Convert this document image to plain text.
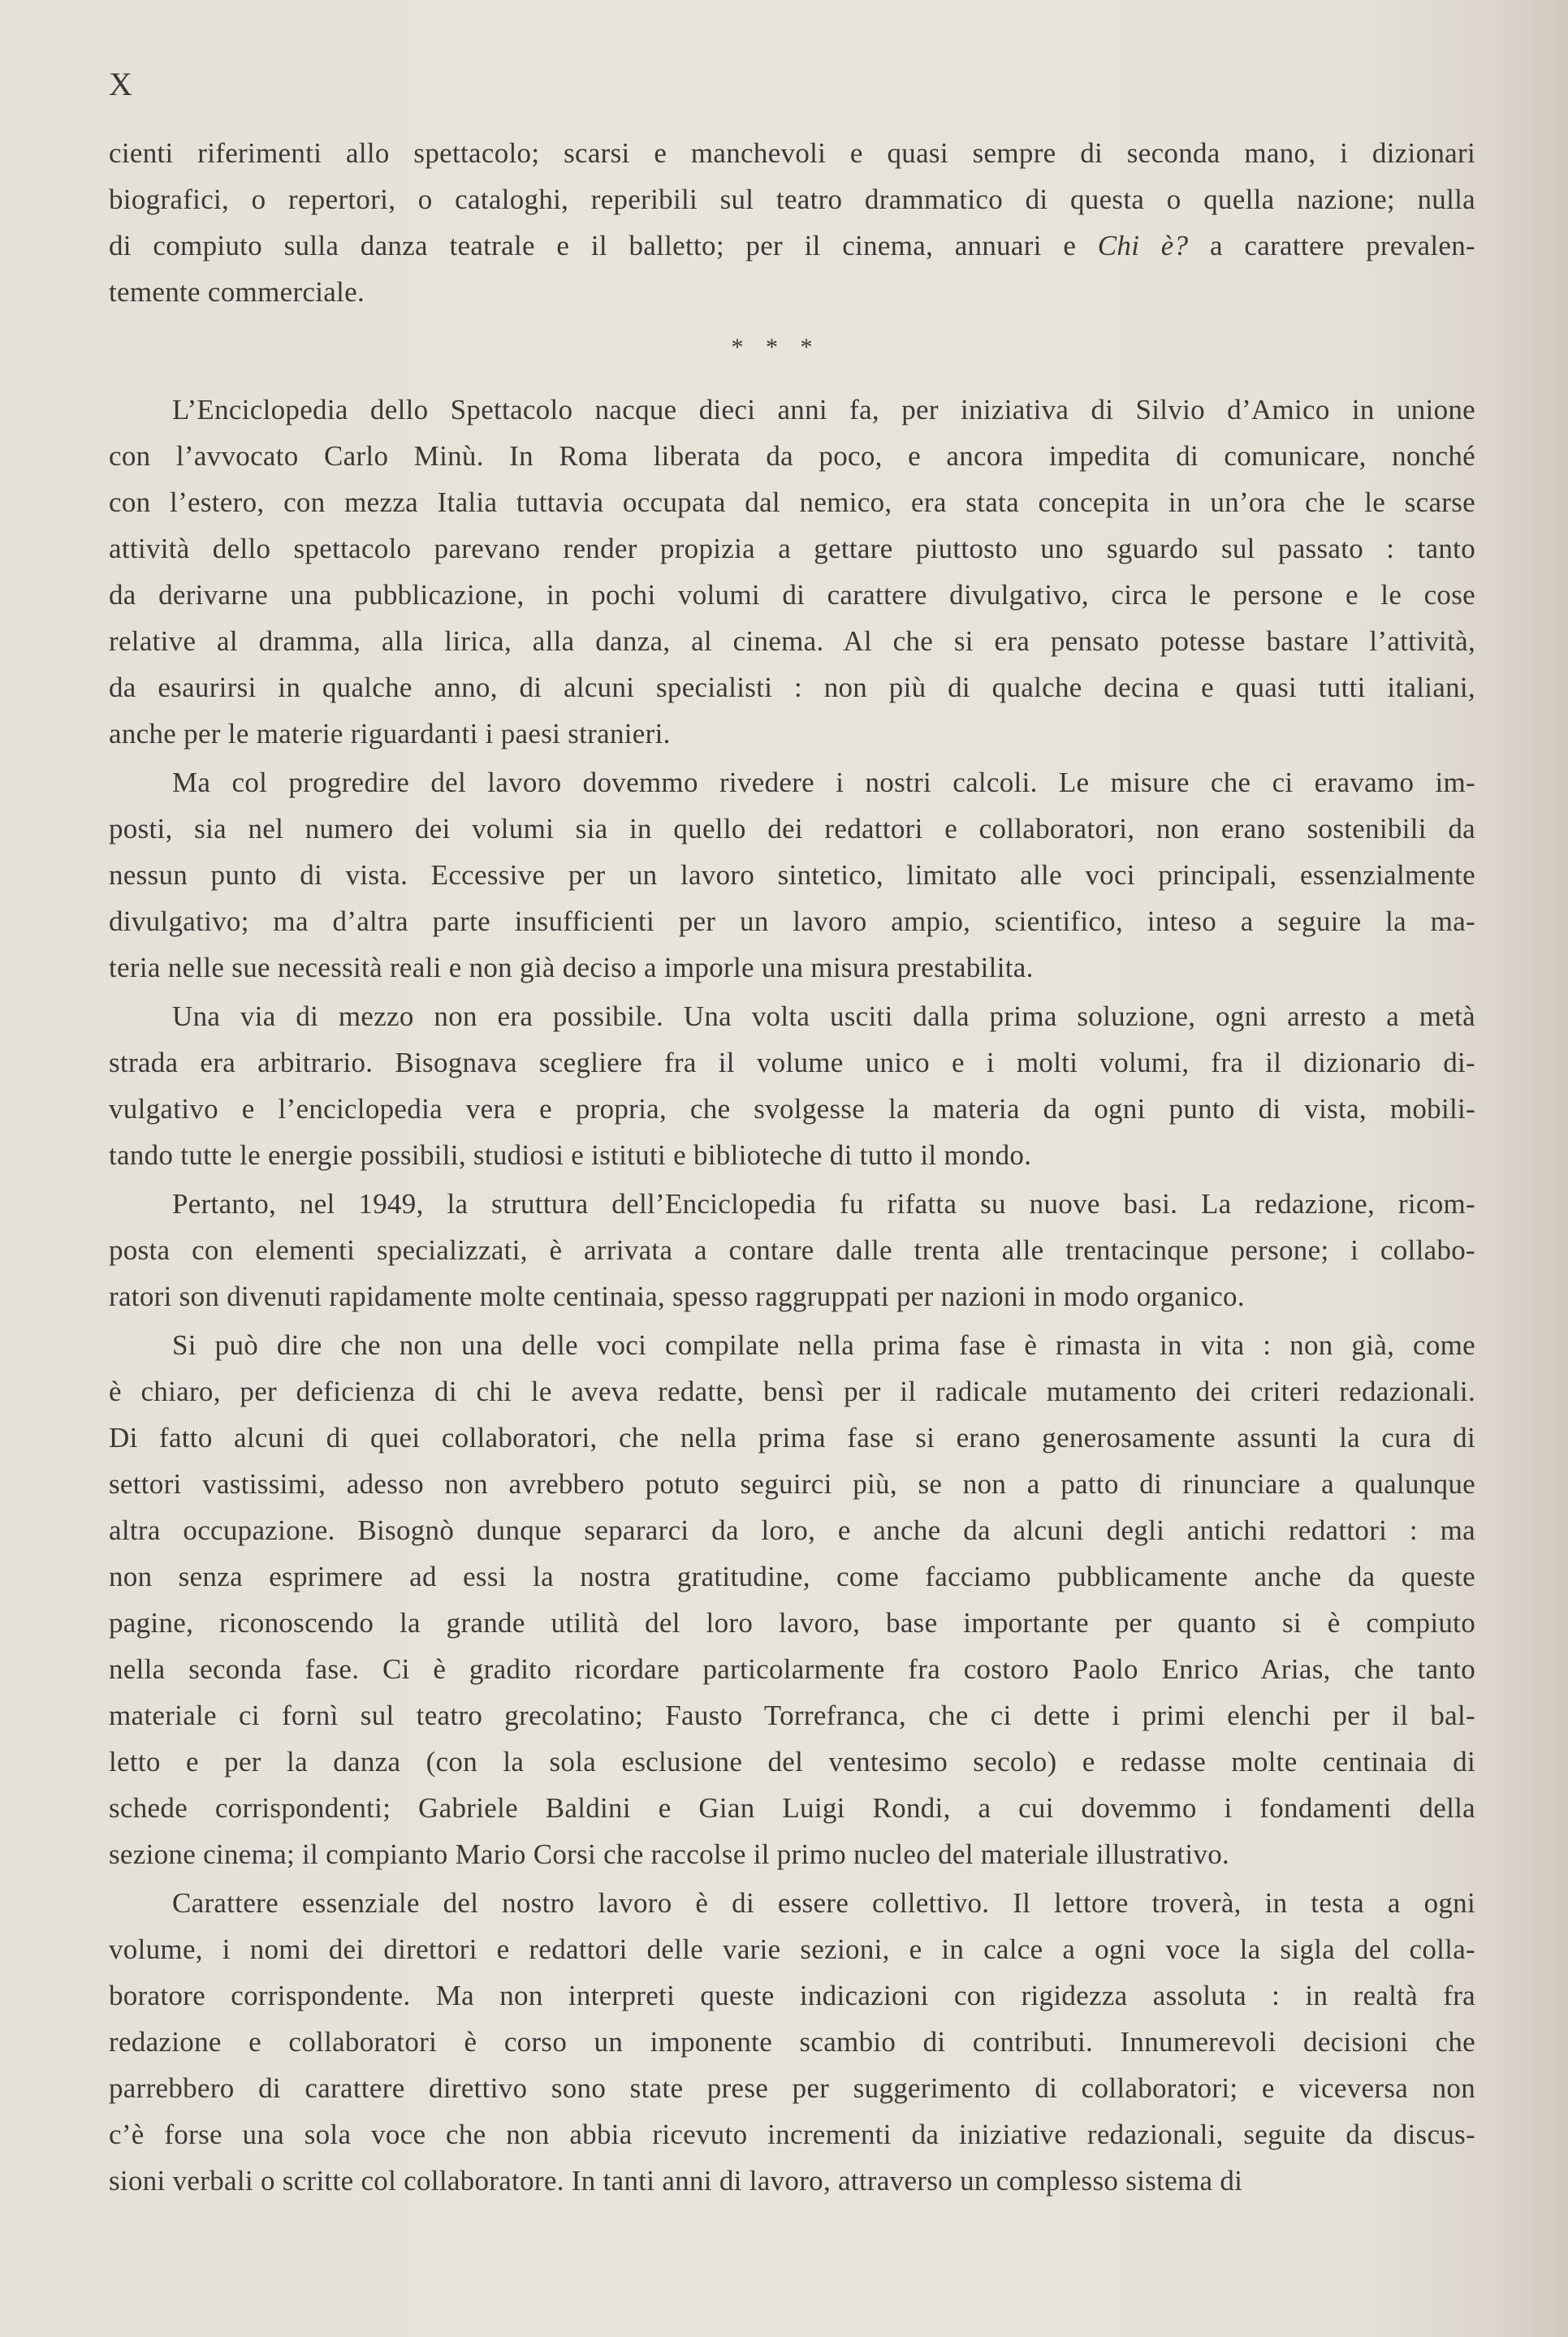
X
cienti riferimenti allo spettacolo; scarsi e manchevoli e quasi sempre di seconda mano, i dizionari
biografici, o repertori, o cataloghi, reperibili sul teatro drammatico di questa o quella nazione; nulla
di compiuto sulla danza teatrale e il balletto; per il cinema, annuari e Chi è? a carattere prevalen-
temente commerciale.
* * *
L’Enciclopedia dello Spettacolo nacque dieci anni fa, per iniziativa di Silvio d’Amico in unione
con l’avvocato Carlo Minù. In Roma liberata da poco, e ancora impedita di comunicare, nonché
con l’estero, con mezza Italia tuttavia occupata dal nemico, era stata concepita in un’ora che le scarse
attività dello spettacolo parevano render propizia a gettare piuttosto uno sguardo sul passato : tanto
da derivarne una pubblicazione, in pochi volumi di carattere divulgativo, circa le persone e le cose
relative al dramma, alla lirica, alla danza, al cinema. Al che si era pensato potesse bastare l’attività,
da esaurirsi in qualche anno, di alcuni specialisti : non più di qualche decina e quasi tutti italiani,
anche per le materie riguardanti i paesi stranieri.
Ma col progredire del lavoro dovemmo rivedere i nostri calcoli. Le misure che ci eravamo im-
posti, sia nel numero dei volumi sia in quello dei redattori e collaboratori, non erano sostenibili da
nessun punto di vista. Eccessive per un lavoro sintetico, limitato alle voci principali, essenzialmente
divulgativo; ma d’altra parte insufficienti per un lavoro ampio, scientifico, inteso a seguire la ma-
teria nelle sue necessità reali e non già deciso a imporle una misura prestabilita.
Una via di mezzo non era possibile. Una volta usciti dalla prima soluzione, ogni arresto a metà
strada era arbitrario. Bisognava scegliere fra il volume unico e i molti volumi, fra il dizionario di-
vulgativo e l’enciclopedia vera e propria, che svolgesse la materia da ogni punto di vista, mobili-
tando tutte le energie possibili, studiosi e istituti e biblioteche di tutto il mondo.
Pertanto, nel 1949, la struttura dell’Enciclopedia fu rifatta su nuove basi. La redazione, ricom-
posta con elementi specializzati, è arrivata a contare dalle trenta alle trentacinque persone; i collabo-
ratori son divenuti rapidamente molte centinaia, spesso raggruppati per nazioni in modo organico.
Si può dire che non una delle voci compilate nella prima fase è rimasta in vita : non già, come
è chiaro, per deficienza di chi le aveva redatte, bensì per il radicale mutamento dei criteri redazionali.
Di fatto alcuni di quei collaboratori, che nella prima fase si erano generosamente assunti la cura di
settori vastissimi, adesso non avrebbero potuto seguirci più, se non a patto di rinunciare a qualunque
altra occupazione. Bisognò dunque separarci da loro, e anche da alcuni degli antichi redattori : ma
non senza esprimere ad essi la nostra gratitudine, come facciamo pubblicamente anche da queste
pagine, riconoscendo la grande utilità del loro lavoro, base importante per quanto si è compiuto
nella seconda fase. Ci è gradito ricordare particolarmente fra costoro Paolo Enrico Arias, che tanto
materiale ci fornì sul teatro grecolatino; Fausto Torrefranca, che ci dette i primi elenchi per il bal-
letto e per la danza (con la sola esclusione del ventesimo secolo) e redasse molte centinaia di
schede corrispondenti; Gabriele Baldini e Gian Luigi Rondi, a cui dovemmo i fondamenti della
sezione cinema; il compianto Mario Corsi che raccolse il primo nucleo del materiale illustrativo.
Carattere essenziale del nostro lavoro è di essere collettivo. Il lettore troverà, in testa a ogni
volume, i nomi dei direttori e redattori delle varie sezioni, e in calce a ogni voce la sigla del colla-
boratore corrispondente. Ma non interpreti queste indicazioni con rigidezza assoluta : in realtà fra
redazione e collaboratori è corso un imponente scambio di contributi. Innumerevoli decisioni che
parrebbero di carattere direttivo sono state prese per suggerimento di collaboratori; e viceversa non
c’è forse una sola voce che non abbia ricevuto incrementi da iniziative redazionali, seguite da discus-
sioni verbali o scritte col collaboratore. In tanti anni di lavoro, attraverso un complesso sistema di
